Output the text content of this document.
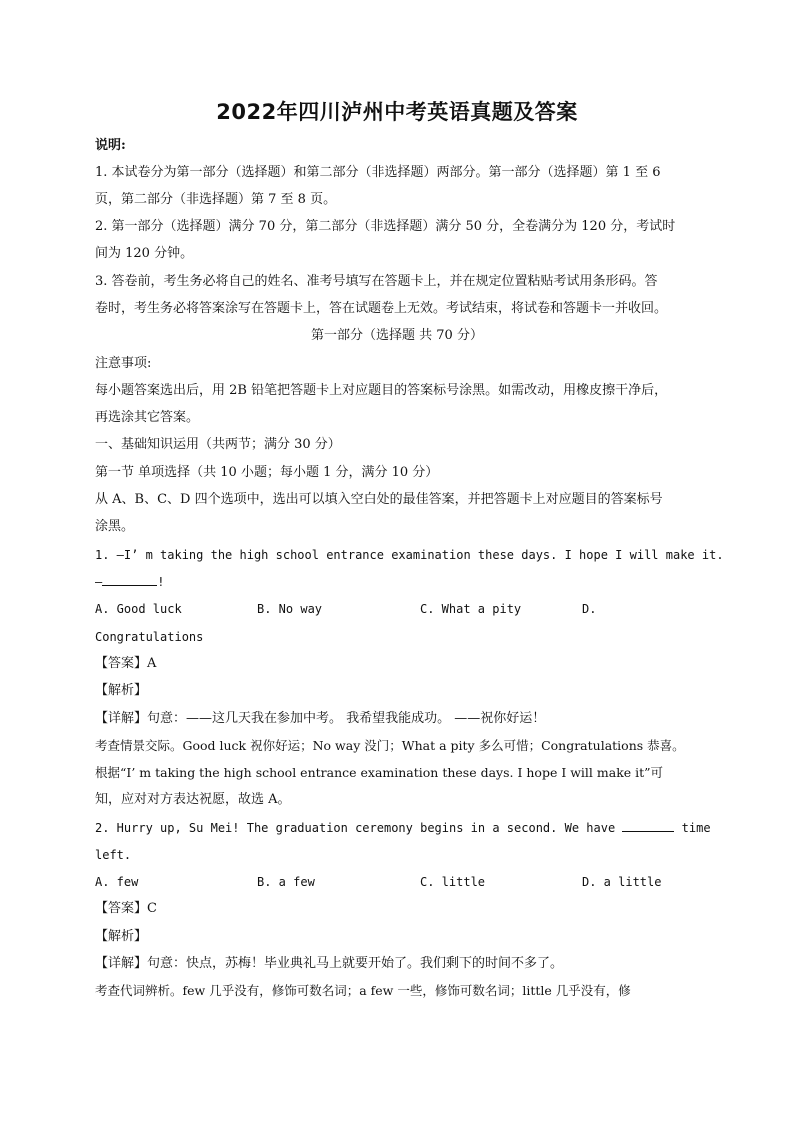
2022年四川泸州中考英语真题及答案
说明:
1. 本试卷分为第一部分（选择题）和第二部分（非选择题）两部分。第一部分（选择题）第 1 至 6
页，第二部分（非选择题）第 7 至 8 页。
2. 第一部分（选择题）满分 70 分，第二部分（非选择题）满分 50 分，全卷满分为 120 分，考试时
间为 120 分钟。
3. 答卷前，考生务必将自己的姓名、准考号填写在答题卡上，并在规定位置粘贴考试用条形码。答
卷时，考生务必将答案涂写在答题卡上，答在试题卷上无效。考试结束，将试卷和答题卡一并收回。
第一部分（选择题 共 70 分）
注意事项:
每小题答案选出后，用 2B 铅笔把答题卡上对应题目的答案标号涂黑。如需改动，用橡皮擦干净后，
再选涂其它答案。
一、基础知识运用（共两节；满分 30 分）
第一节 单项选择（共 10 小题；每小题 1 分，满分 10 分）
从 A、B、C、D 四个选项中，选出可以填入空白处的最佳答案，并把答题卡上对应题目的答案标号
涂黑。
1. —I’ m taking the high school entrance examination these days. I hope I will make it.
—	!
A. Good luck	B. No way	C. What a pity	D.
Congratulations
【答案】A
【解析】
【详解】句意：——这几天我在参加中考。 我希望我能成功。 ——祝你好运！
考查情景交际。Good luck 祝你好运；No way 没门；What a pity 多么可惜；Congratulations 恭喜。
根据“I’ m taking the high school entrance examination these days. I hope I will make it”可
知，应对对方表达祝愿，故选 A。
2. Hurry up, Su Mei! The graduation ceremony begins in a second. We have	time
left.
A. few	B. a few	C. little	D. a little
【答案】C
【解析】
【详解】句意：快点，苏梅！毕业典礼马上就要开始了。我们剩下的时间不多了。
考查代词辨析。few 几乎没有，修饰可数名词；a few 一些，修饰可数名词；little 几乎没有，修
